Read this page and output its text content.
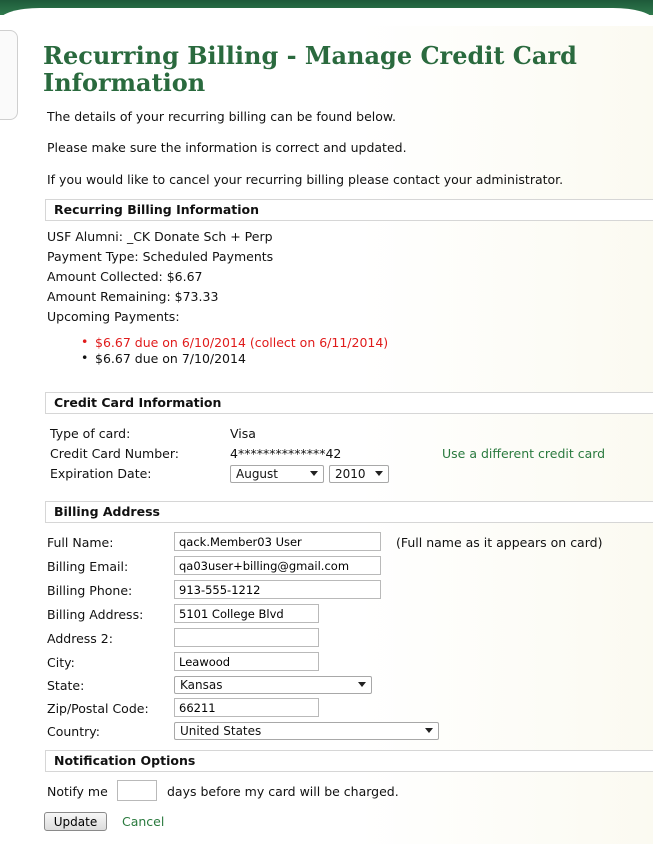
Recurring Billing - Manage Credit Card Information
The details of your recurring billing can be found below.
Please make sure the information is correct and updated.
If you would like to cancel your recurring billing please contact your administrator.
Recurring Billing Information
USF Alumni: _CK Donate Sch + Perp
Payment Type: Scheduled Payments
Amount Collected: $6.67
Amount Remaining: $73.33
Upcoming Payments:
• $6.67 due on 6/10/2014 (collect on 6/11/2014)
• $6.67 due on 7/10/2014
Credit Card Information
Type of card:	Visa
Credit Card Number:	4**************42	Use a different credit card
Expiration Date:	August	2010
Billing Address
Full Name:
qack.Member03 User	(Full name as it appears on card)
Billing Email:
qa03user+billing@gmail.com
Billing Phone:
913-555-1212
Billing Address:
5101 College Blvd
Address 2:
City:
Leawood
State:	Kansas
Zip/Postal Code:
66211
Country:	United States
Notification Options
Notify me	days before my card will be charged.
Update	Cancel
